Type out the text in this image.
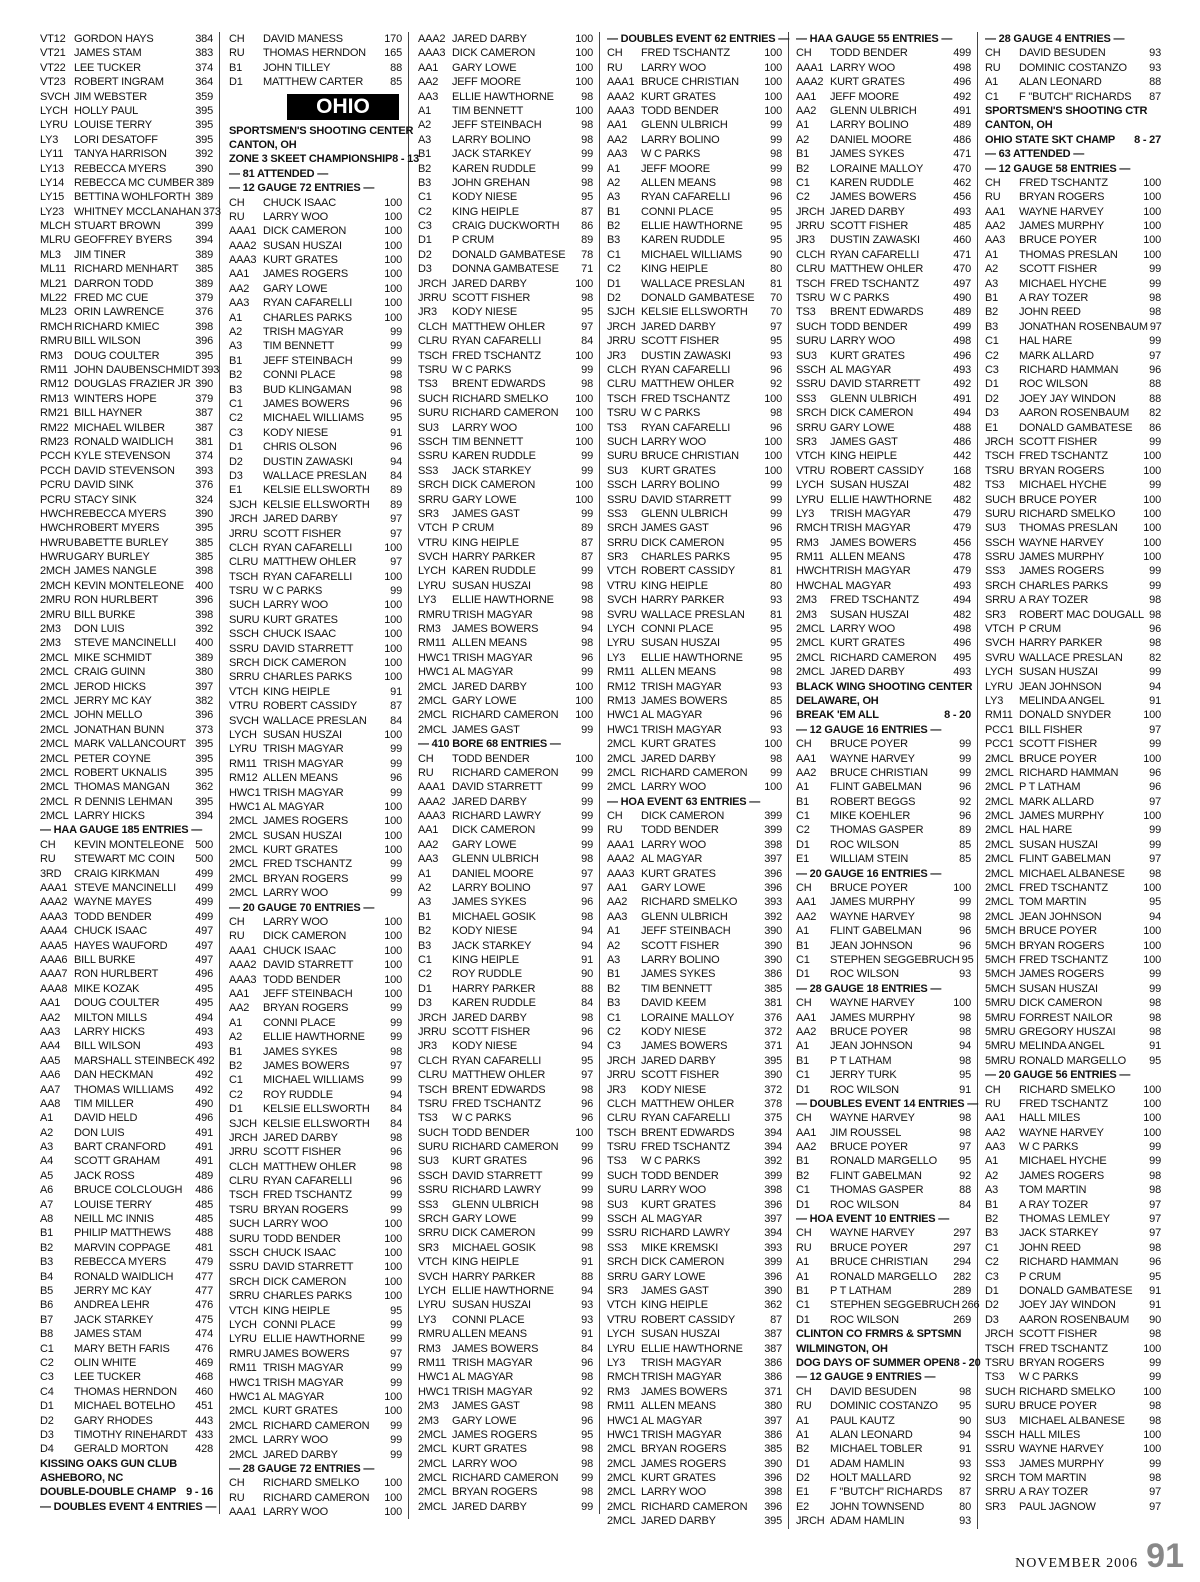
VT12 GORDON HAYS	384
VT21 JAMES STAM	383
VT22 LEE TUCKER	374
VT23 ROBERT INGRAM	364
SVCH JIM WEBSTER	359
LYCH HOLLY PAUL	395
LYRU LOUISE TERRY	395
LY3	LORI DESATOFF	395
LY11 TANYA HARRISON	392
LY13 REBECCA MYERS	390
LY14 REBECCA MC CUMBER 389
LY15 BETTINA WOHLFORTH 389
LY23 WHITNEY MCCLANAHAN 373
MLCH STUART BROWN	399
MLRU GEOFFREY BYERS	394
ML3	JIM TINER	389
ML11 RICHARD MENHART	385
ML21 DARRON TODD	389
ML22 FRED MC CUE	379
ML23 ORIN LAWRENCE	376
RMCH RICHARD KMIEC	398
RMRU BILL WILSON	396
RM3	DOUG COULTER	395
RM11 JOHN DAUBENSCHMIDT 393
RM12 DOUGLAS FRAZIER JR 390
RM13 WINTERS HOPE	379
RM21 BILL HAYNER	387
RM22 MICHAEL WILBER	387
RM23 RONALD WAIDLICH	381
PCCH KYLE STEVENSON	374
PCCH DAVID STEVENSON	393
PCRU DAVID SINK	376
PCRU STACY SINK	324
HWCH REBECCA MYERS	390
HWCH ROBERT MYERS	395
HWRU BABETTE BURLEY	385
HWRU GARY BURLEY	385
2MCH JAMES NANGLE	398
2MCH KEVIN MONTELEONE	400
2MRU RON HURLBERT	396
2MRU BILL BURKE	398
2M3	DON LUIS	392
2M3	STEVE MANCINELLI	400
2MCL MIKE SCHMIDT	389
2MCL CRAIG GUINN	380
2MCL JEROD HICKS	397
2MCL JERRY MC KAY	382
2MCL JOHN MELLO	396
2MCL JONATHAN BUNN	373
2MCL MARK VALLANCOURT 395
2MCL PETER COYNE	395
2MCL ROBERT UKNALIS	395
2MCL THOMAS MANGAN	362
2MCL R DENNIS LEHMAN	395
2MCL LARRY HICKS	394
— HAA GAUGE 185 ENTRIES —
CH	KEVIN MONTELEONE	500
RU	STEWART MC COIN	500
3RD	CRAIG KIRKMAN	499
AAA1 STEVE MANCINELLI	499
AAA2 WAYNE MAYES	499
AAA3 TODD BENDER	499
AAA4 CHUCK ISAAC	497
AAA5 HAYES WAUFORD	497
AAA6 BILL BURKE	497
AAA7 RON HURLBERT	496
AAA8 MIKE KOZAK	495
AA1	DOUG COULTER	495
AA2	MILTON MILLS	494
AA3	LARRY HICKS	493
AA4	BILL WILSON	493
AA5	MARSHALL STEINBECK 492
AA6	DAN HECKMAN	492
AA7	THOMAS WILLIAMS	492
AA8	TIM MILLER	490
A1	DAVID HELD	496
A2	DON LUIS	491
A3	BART CRANFORD	491
A4	SCOTT GRAHAM	491
A5	JACK ROSS	489
A6	BRUCE COLCLOUGH	486
A7	LOUISE TERRY	485
A8	NEILL MC INNIS	485
B1	PHILIP MATTHEWS	488
B2	MARVIN COPPAGE	481
B3	REBECCA MYERS	479
B4	RONALD WAIDLICH	477
B5	JERRY MC KAY	477
B6	ANDREA LEHR	476
B7	JACK STARKEY	475
B8	JAMES STAM	474
C1	MARY BETH FARIS	476
C2	OLIN WHITE	469
C3	LEE TUCKER	468
C4	THOMAS HERNDON	460
D1	MICHAEL BOTELHO	451
D2	GARY RHODES	443
D3	TIMOTHY RINEHARDT 433
D4	GERALD MORTON	428
KISSING OAKS GUN CLUB
ASHEBORO, NC
DOUBLE-DOUBLE CHAMP 9 - 16
— DOUBLES EVENT 4 ENTRIES —
CH	DAVID MANESS	170
RU	THOMAS HERNDON	165
B1	JOHN TILLEY	88
D1	MATTHEW CARTER	85
OHIO
SPORTSMEN'S SHOOTING CENTER
CANTON, OH
ZONE 3 SKEET CHAMPIONSHIP8 - 13
— 81 ATTENDED —
— 12 GAUGE 72 ENTRIES —
CH	CHUCK ISAAC	100
RU	LARRY WOO	100
AAA1 DICK CAMERON	100
AAA2 SUSAN HUSZAI	100
AAA3 KURT GRATES	100
AA1	JAMES ROGERS	100
AA2	GARY LOWE	100
AA3	RYAN CAFARELLI	100
A1	CHARLES PARKS	100
A2	TRISH MAGYAR	99
A3	TIM BENNETT	99
B1	JEFF STEINBACH	99
B2	CONNI PLACE	98
B3	BUD KLINGAMAN	98
C1	JAMES BOWERS	96
C2	MICHAEL WILLIAMS	95
C3	KODY NIESE	91
D1	CHRIS OLSON	96
D2	DUSTIN ZAWASKI	94
D3	WALLACE PRESLAN	84
E1	KELSIE ELLSWORTH	89
SJCH KELSIE ELLSWORTH	89
JRCH JARED DARBY	97
JRRU SCOTT FISHER	97
CLCH RYAN CAFARELLI	100
CLRU MATTHEW OHLER	97
TSCH RYAN CAFARELLI	100
TSRU W C PARKS	99
SUCH LARRY WOO	100
SURU KURT GRATES	100
SSCH CHUCK ISAAC	100
SSRU DAVID STARRETT	100
SRCH DICK CAMERON	100
SRRU CHARLES PARKS	100
VTCH KING HEIPLE	91
VTRU ROBERT CASSIDY	87
SVCH WALLACE PRESLAN	84
LYCH SUSAN HUSZAI	100
LYRU TRISH MAGYAR	99
RM11 TRISH MAGYAR	99
RM12 ALLEN MEANS	96
HWC1 TRISH MAGYAR	99
HWC1 AL MAGYAR	100
2MCL JAMES ROGERS	100
2MCL SUSAN HUSZAI	100
2MCL KURT GRATES	100
2MCL FRED TSCHANTZ	99
2MCL BRYAN ROGERS	99
2MCL LARRY WOO	99
— 20 GAUGE 70 ENTRIES —
CH	LARRY WOO	100
RU	DICK CAMERON	100
AAA1 CHUCK ISAAC	100
AAA2 DAVID STARRETT	100
AAA3 TODD BENDER	100
AA1	JEFF STEINBACH	100
AA2	BRYAN ROGERS	99
A1	CONNI PLACE	99
A2	ELLIE HAWTHORNE	99
B1	JAMES SYKES	98
B2	JAMES BOWERS	97
C1	MICHAEL WILLIAMS	99
C2	ROY RUDDLE	94
D1	KELSIE ELLSWORTH	84
SJCH KELSIE ELLSWORTH	84
JRCH JARED DARBY	98
JRRU SCOTT FISHER	96
CLCH MATTHEW OHLER	98
CLRU RYAN CAFARELLI	96
TSCH FRED TSCHANTZ	99
TSRU BRYAN ROGERS	99
SUCH LARRY WOO	100
SURU TODD BENDER	100
SSCH CHUCK ISAAC	100
SSRU DAVID STARRETT	100
SRCH DICK CAMERON	100
SRRU CHARLES PARKS	100
VTCH KING HEIPLE	95
LYCH CONNI PLACE	99
LYRU ELLIE HAWTHORNE	99
RMRU JAMES BOWERS	97
RM11 TRISH MAGYAR	99
HWC1 TRISH MAGYAR	99
HWC1 AL MAGYAR	100
2MCL KURT GRATES	100
2MCL RICHARD CAMERON	99
2MCL LARRY WOO	99
2MCL JARED DARBY	99
— 28 GAUGE 72 ENTRIES —
CH	RICHARD SMELKO	100
RU	RICHARD CAMERON	100
AAA1 LARRY WOO	100
AAA2 JARED DARBY	100
AAA3 DICK CAMERON	100
AA1	GARY LOWE	100
AA2	JEFF MOORE	100
AA3	ELLIE HAWTHORNE	98
A1	TIM BENNETT	100
A2	JEFF STEINBACH	98
A3	LARRY BOLINO	98
B1	JACK STARKEY	99
B2	KAREN RUDDLE	99
B3	JOHN GREHAN	98
C1	KODY NIESE	95
C2	KING HEIPLE	87
C3	CRAIG DUCKWORTH	86
D1	P CRUM	89
D2	DONALD GAMBATESE	78
D3	DONNA GAMBATESE	71
JRCH JARED DARBY	100
JRRU SCOTT FISHER	98
JR3	KODY NIESE	95
CLCH MATTHEW OHLER	97
CLRU RYAN CAFARELLI	84
TSCH FRED TSCHANTZ	100
TSRU W C PARKS	99
TS3	BRENT EDWARDS	98
SUCH RICHARD SMELKO	100
SURU RICHARD CAMERON	100
SU3	LARRY WOO	100
SSCH TIM BENNETT	100
SSRU KAREN RUDDLE	99
SS3	JACK STARKEY	99
SRCH DICK CAMERON	100
SRRU GARY LOWE	100
SR3	JAMES GAST	99
VTCH P CRUM	89
VTRU KING HEIPLE	87
SVCH HARRY PARKER	87
LYCH KAREN RUDDLE	99
LYRU SUSAN HUSZAI	98
LY3	ELLIE HAWTHORNE	98
RMRU TRISH MAGYAR	98
RM3	JAMES BOWERS	94
RM11 ALLEN MEANS	98
HWC1 TRISH MAGYAR	96
HWC1 AL MAGYAR	99
2MCL JARED DARBY	100
2MCL GARY LOWE	100
2MCL RICHARD CAMERON	100
2MCL JAMES GAST	99
— 410 BORE 68 ENTRIES —
CH	TODD BENDER	100
RU	RICHARD CAMERON	99
AAA1 DAVID STARRETT	99
AAA2 JARED DARBY	99
AAA3 RICHARD LAWRY	99
AA1	DICK CAMERON	99
AA2	GARY LOWE	99
AA3	GLENN ULBRICH	98
A1	DANIEL MOORE	97
A2	LARRY BOLINO	97
A3	JAMES SYKES	96
B1	MICHAEL GOSIK	98
B2	KODY NIESE	94
B3	JACK STARKEY	94
C1	KING HEIPLE	91
C2	ROY RUDDLE	90
D1	HARRY PARKER	88
D3	KAREN RUDDLE	84
JRCH JARED DARBY	98
JRRU SCOTT FISHER	96
JR3	KODY NIESE	94
CLCH RYAN CAFARELLI	95
CLRU MATTHEW OHLER	97
TSCH BRENT EDWARDS	98
TSRU FRED TSCHANTZ	96
TS3	W C PARKS	96
SUCH TODD BENDER	100
SURU RICHARD CAMERON	99
SU3	KURT GRATES	96
SSCH DAVID STARRETT	99
SSRU RICHARD LAWRY	99
SS3	GLENN ULBRICH	98
SRCH GARY LOWE	99
SRRU DICK CAMERON	99
SR3	MICHAEL GOSIK	98
VTCH KING HEIPLE	91
SVCH HARRY PARKER	88
LYCH ELLIE HAWTHORNE	94
LYRU SUSAN HUSZAI	93
LY3	CONNI PLACE	93
RMRU ALLEN MEANS	91
RM3	JAMES BOWERS	84
RM11 TRISH MAGYAR	96
HWC1 AL MAGYAR	98
HWC1 TRISH MAGYAR	92
2M3	JAMES GAST	98
2M3	GARY LOWE	96
2MCL JAMES ROGERS	95
2MCL KURT GRATES	98
2MCL LARRY WOO	98
2MCL RICHARD CAMERON	99
2MCL BRYAN ROGERS	98
2MCL JARED DARBY	99
— DOUBLES EVENT 62 ENTRIES —
CH	FRED TSCHANTZ	100
RU	LARRY WOO	100
AAA1 BRUCE CHRISTIAN	100
AAA2 KURT GRATES	100
AAA3 TODD BENDER	100
AA1	GLENN ULBRICH	99
AA2	LARRY BOLINO	99
AA3	W C PARKS	98
A1	JEFF MOORE	99
A2	ALLEN MEANS	98
A3	RYAN CAFARELLI	96
B1	CONNI PLACE	95
B2	ELLIE HAWTHORNE	95
B3	KAREN RUDDLE	95
C1	MICHAEL WILLIAMS	90
C2	KING HEIPLE	80
D1	WALLACE PRESLAN	81
D2	DONALD GAMBATESE	70
SJCH KELSIE ELLSWORTH	70
JRCH JARED DARBY	97
JRRU SCOTT FISHER	95
JR3	DUSTIN ZAWASKI	93
CLCH RYAN CAFARELLI	96
CLRU MATTHEW OHLER	92
TSCH FRED TSCHANTZ	100
TSRU W C PARKS	98
TS3	RYAN CAFARELLI	96
SUCH LARRY WOO	100
SURU BRUCE CHRISTIAN	100
SU3	KURT GRATES	100
SSCH LARRY BOLINO	99
SSRU DAVID STARRETT	99
SS3	GLENN ULBRICH	99
SRCH JAMES GAST	96
SRRU DICK CAMERON	95
SR3	CHARLES PARKS	95
VTCH ROBERT CASSIDY	81
VTRU KING HEIPLE	80
SVCH HARRY PARKER	93
SVRU WALLACE PRESLAN	81
LYCH CONNI PLACE	95
LYRU SUSAN HUSZAI	95
LY3	ELLIE HAWTHORNE	95
RM11 ALLEN MEANS	98
RM12 TRISH MAGYAR	93
RM13 JAMES BOWERS	85
HWC1 AL MAGYAR	96
HWC1 TRISH MAGYAR	93
2MCL KURT GRATES	100
2MCL JARED DARBY	98
2MCL RICHARD CAMERON	99
2MCL LARRY WOO	100
— HOA EVENT 63 ENTRIES —
CH	DICK CAMERON	399
RU	TODD BENDER	399
AAA1 LARRY WOO	398
AAA2 AL MAGYAR	397
AAA3 KURT GRATES	396
AA1	GARY LOWE	396
AA2	RICHARD SMELKO	393
AA3	GLENN ULBRICH	392
A1	JEFF STEINBACH	390
A2	SCOTT FISHER	390
A3	LARRY BOLINO	390
B1	JAMES SYKES	386
B2	TIM BENNETT	385
B3	DAVID KEEM	381
C1	LORAINE MALLOY	376
C2	KODY NIESE	372
C3	JAMES BOWERS	371
JRCH JARED DARBY	395
JRRU SCOTT FISHER	390
JR3	KODY NIESE	372
CLCH MATTHEW OHLER	378
CLRU RYAN CAFARELLI	375
TSCH BRENT EDWARDS	394
TSRU FRED TSCHANTZ	394
TS3	W C PARKS	392
SUCH TODD BENDER	399
SURU LARRY WOO	398
SU3	KURT GRATES	396
SSCH AL MAGYAR	397
SSRU RICHARD LAWRY	394
SS3	MIKE KREMSKI	393
SRCH DICK CAMERON	399
SRRU GARY LOWE	396
SR3	JAMES GAST	390
VTCH KING HEIPLE	362
VTRU ROBERT CASSIDY	87
LYCH SUSAN HUSZAI	387
LYRU ELLIE HAWTHORNE	387
LY3	TRISH MAGYAR	386
RMCH TRISH MAGYAR	386
RM3	JAMES BOWERS	371
RM11 ALLEN MEANS	380
HWC1 AL MAGYAR	397
HWC1 TRISH MAGYAR	386
2MCL BRYAN ROGERS	385
2MCL JAMES ROGERS	390
2MCL KURT GRATES	396
2MCL LARRY WOO	398
2MCL RICHARD CAMERON	396
2MCL JARED DARBY	395
— HAA GAUGE 55 ENTRIES —
CH	TODD BENDER	499
AAA1 LARRY WOO	498
AAA2 KURT GRATES	496
AA1	JEFF MOORE	492
AA2	GLENN ULBRICH	491
A1	LARRY BOLINO	489
A2	DANIEL MOORE	486
B1	JAMES SYKES	471
B2	LORAINE MALLOY	470
C1	KAREN RUDDLE	462
C2	JAMES BOWERS	456
JRCH JARED DARBY	493
JRRU SCOTT FISHER	485
JR3	DUSTIN ZAWASKI	460
CLCH RYAN CAFARELLI	471
CLRU MATTHEW OHLER	470
TSCH FRED TSCHANTZ	497
TSRU W C PARKS	490
TS3	BRENT EDWARDS	489
SUCH TODD BENDER	499
SURU LARRY WOO	498
SU3	KURT GRATES	496
SSCH AL MAGYAR	493
SSRU DAVID STARRETT	492
SS3	GLENN ULBRICH	491
SRCH DICK CAMERON	494
SRRU GARY LOWE	488
SR3	JAMES GAST	486
VTCH KING HEIPLE	442
VTRU ROBERT CASSIDY	168
LYCH SUSAN HUSZAI	482
LYRU ELLIE HAWTHORNE	482
LY3	TRISH MAGYAR	479
RMCH TRISH MAGYAR	479
RM3	JAMES BOWERS	456
RM11 ALLEN MEANS	478
HWCH TRISH MAGYAR	479
HWCH AL MAGYAR	493
2M3	FRED TSCHANTZ	494
2M3	SUSAN HUSZAI	482
2MCL LARRY WOO	498
2MCL KURT GRATES	496
2MCL RICHARD CAMERON	495
2MCL JARED DARBY	493
BLACK WING SHOOTING CENTER
DELAWARE, OH
BREAK 'EM ALL	8 - 20
— 12 GAUGE 16 ENTRIES —
CH	BRUCE POYER	99
AA1	WAYNE HARVEY	99
AA2	BRUCE CHRISTIAN	99
A1	FLINT GABELMAN	96
B1	ROBERT BEGGS	92
C1	MIKE KOEHLER	96
C2	THOMAS GASPER	89
D1	ROC WILSON	85
E1	WILLIAM STEIN	85
— 20 GAUGE 16 ENTRIES —
CH	BRUCE POYER	100
AA1	JAMES MURPHY	99
AA2	WAYNE HARVEY	98
A1	FLINT GABELMAN	96
B1	JEAN JOHNSON	96
C1	STEPHEN SEGGEBRUCH 95
D1	ROC WILSON	93
— 28 GAUGE 18 ENTRIES —
CH	WAYNE HARVEY	100
AA1	JAMES MURPHY	98
AA2	BRUCE POYER	98
A1	JEAN JOHNSON	94
B1	P T LATHAM	98
C1	JERRY TURK	95
D1	ROC WILSON	91
— DOUBLES EVENT 14 ENTRIES —
CH	WAYNE HARVEY	98
AA1	JIM ROUSSEL	98
AA2	BRUCE POYER	97
B1	RONALD MARGELLO	95
B2	FLINT GABELMAN	92
C1	THOMAS GASPER	88
D1	ROC WILSON	84
— HOA EVENT 10 ENTRIES —
CH	WAYNE HARVEY	297
RU	BRUCE POYER	297
A1	BRUCE CHRISTIAN	294
A1	RONALD MARGELLO	282
B1	P T LATHAM	289
C1	STEPHEN SEGGEBRUCH 266
D1	ROC WILSON	269
CLINTON CO FRMRS & SPTSMN
WILMINGTON, OH
DOG DAYS OF SUMMER OPEN 8 - 20
— 12 GAUGE 9 ENTRIES —
CH	DAVID BESUDEN	98
RU	DOMINIC COSTANZO	95
A1	PAUL KAUTZ	90
A1	ALAN LEONARD	94
B2	MICHAEL TOBLER	91
D1	ADAM HAMLIN	93
D2	HOLT MALLARD	92
E1	F "BUTCH" RICHARDS	87
E2	JOHN TOWNSEND	80
JRCH ADAM HAMLIN	93
— 28 GAUGE 4 ENTRIES —
CH	DAVID BESUDEN	93
RU	DOMINIC COSTANZO	93
A1	ALAN LEONARD	88
C1	F "BUTCH" RICHARDS	87
SPORTSMEN'S SHOOTING CTR
CANTON, OH
OHIO STATE SKT CHAMP 8 - 27
— 63 ATTENDED —
— 12 GAUGE 58 ENTRIES —
CH	FRED TSCHANTZ	100
RU	BRYAN ROGERS	100
AA1	WAYNE HARVEY	100
AA2	JAMES MURPHY	100
AA3	BRUCE POYER	100
A1	THOMAS PRESLAN	100
A2	SCOTT FISHER	99
A3	MICHAEL HYCHE	99
B1	A RAY TOZER	98
B2	JOHN REED	98
B3	JONATHAN ROSENBAUM 97
C1	HAL HARE	99
C2	MARK ALLARD	97
C3	RICHARD HAMMAN	96
D1	ROC WILSON	88
D2	JOEY JAY WINDON	88
D3	AARON ROSENBAUM	82
E1	DONALD GAMBATESE	86
JRCH SCOTT FISHER	99
TSCH FRED TSCHANTZ	100
TSRU BRYAN ROGERS	100
TS3	MICHAEL HYCHE	99
SUCH BRUCE POYER	100
SURU RICHARD SMELKO	100
SU3	THOMAS PRESLAN	100
SSCH WAYNE HARVEY	100
SSRU JAMES MURPHY	100
SS3	JAMES ROGERS	99
SRCH CHARLES PARKS	99
SRRU A RAY TOZER	98
SR3	ROBERT MAC DOUGALL 98
VTCH P CRUM	96
SVCH HARRY PARKER	98
SVRU WALLACE PRESLAN	82
LYCH SUSAN HUSZAI	99
LYRU JEAN JOHNSON	94
LY3	MELINDA ANGEL	91
RM11 DONALD SNYDER	100
PCC1 BILL FISHER	97
PCC1 SCOTT FISHER	99
2MCL BRUCE POYER	100
2MCL RICHARD HAMMAN	96
2MCL P T LATHAM	96
2MCL MARK ALLARD	97
2MCL JAMES MURPHY	100
2MCL HAL HARE	99
2MCL SUSAN HUSZAI	99
2MCL FLINT GABELMAN	97
2MCL MICHAEL ALBANESE	98
2MCL FRED TSCHANTZ	100
2MCL TOM MARTIN	95
2MCL JEAN JOHNSON	94
5MCH BRUCE POYER	100
5MCH BRYAN ROGERS	100
5MCH FRED TSCHANTZ	100
5MCH JAMES ROGERS	99
5MCH SUSAN HUSZAI	99
5MRU DICK CAMERON	98
5MRU FORREST NAILOR	98
5MRU GREGORY HUSZAI	98
5MRU MELINDA ANGEL	91
5MRU RONALD MARGELLO	95
— 20 GAUGE 56 ENTRIES —
CH	RICHARD SMELKO	100
RU	FRED TSCHANTZ	100
AA1	HALL MILES	100
AA2	WAYNE HARVEY	100
AA3	W C PARKS	99
A1	MICHAEL HYCHE	99
A2	JAMES ROGERS	98
A3	TOM MARTIN	98
B1	A RAY TOZER	97
B2	THOMAS LEMLEY	97
B3	JACK STARKEY	97
C1	JOHN REED	98
C2	RICHARD HAMMAN	96
C3	P CRUM	95
D1	DONALD GAMBATESE	91
D2	JOEY JAY WINDON	91
D3	AARON ROSENBAUM	90
JRCH SCOTT FISHER	98
TSCH FRED TSCHANTZ	100
TSRU BRYAN ROGERS	99
TS3	W C PARKS	99
SUCH RICHARD SMELKO	100
SURU BRUCE POYER	98
SU3	MICHAEL ALBANESE	98
SSCH HALL MILES	100
SSRU WAYNE HARVEY	100
SS3	JAMES MURPHY	99
SRCH TOM MARTIN	98
SRRU A RAY TOZER	97
SR3	PAUL JAGNOW	97
NOVEMBER 2006 91
